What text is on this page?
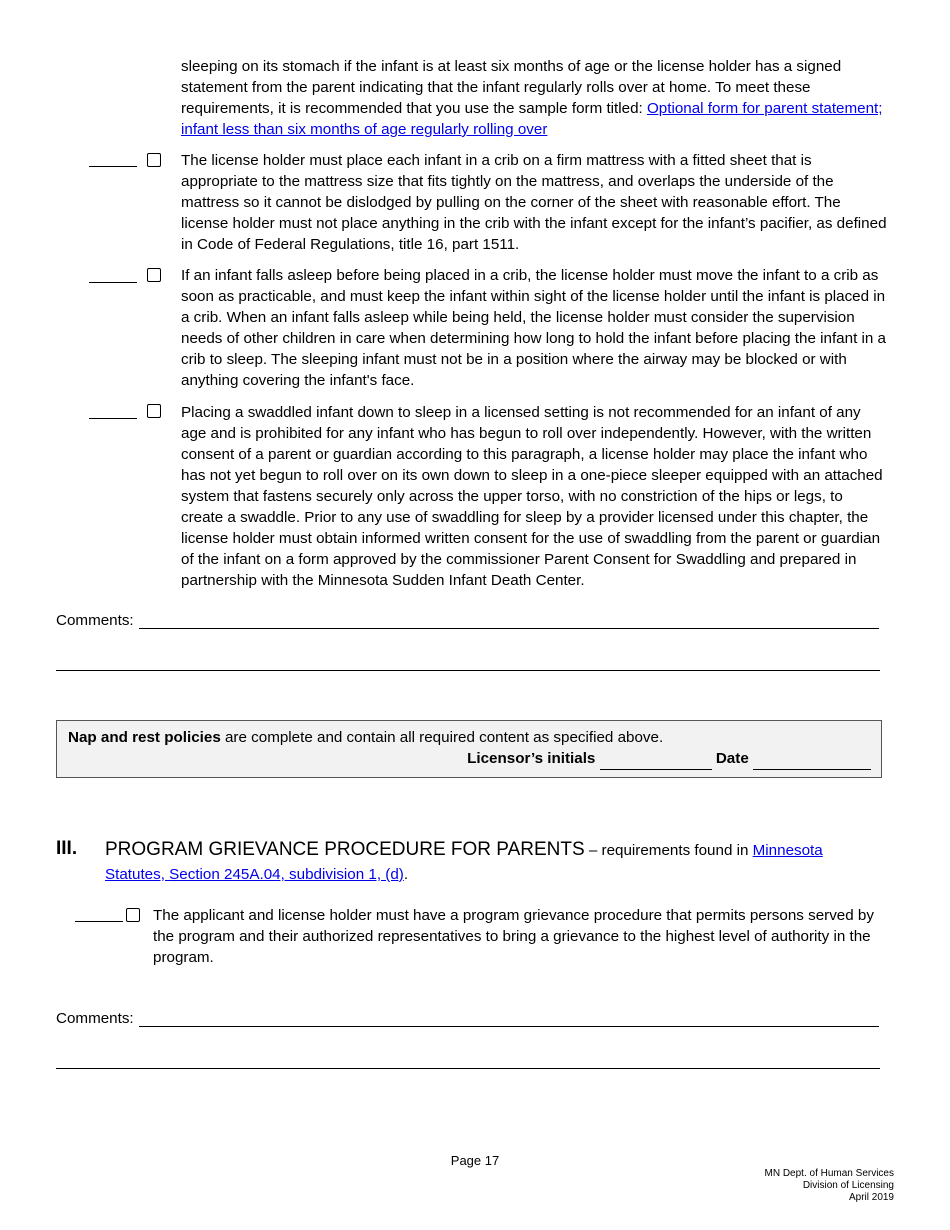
sleeping on its stomach if the infant is at least six months of age or the license holder has a signed statement from the parent indicating that the infant regularly rolls over at home. To meet these requirements, it is recommended that you use the sample form titled: Optional form for parent statement; infant less than six months of age regularly rolling over

The license holder must place each infant in a crib on a firm mattress with a fitted sheet that is appropriate to the mattress size that fits tightly on the mattress, and overlaps the underside of the mattress so it cannot be dislodged by pulling on the corner of the sheet with reasonable effort. The license holder must not place anything in the crib with the infant except for the infant’s pacifier, as defined in Code of Federal Regulations, title 16, part 1511.

If an infant falls asleep before being placed in a crib, the license holder must move the infant to a crib as soon as practicable, and must keep the infant within sight of the license holder until the infant is placed in a crib. When an infant falls asleep while being held, the license holder must consider the supervision needs of other children in care when determining how long to hold the infant before placing the infant in a crib to sleep. The sleeping infant must not be in a position where the airway may be blocked or with anything covering the infant's face.

Placing a swaddled infant down to sleep in a licensed setting is not recommended for an infant of any age and is prohibited for any infant who has begun to roll over independently. However, with the written consent of a parent or guardian according to this paragraph, a license holder may place the infant who has not yet begun to roll over on its own down to sleep in a one-piece sleeper equipped with an attached system that fastens securely only across the upper torso, with no constriction of the hips or legs, to create a swaddle. Prior to any use of swaddling for sleep by a provider licensed under this chapter, the license holder must obtain informed written consent for the use of swaddling from the parent or guardian of the infant on a form approved by the commissioner Parent Consent for Swaddling and prepared in partnership with the Minnesota Sudden Infant Death Center.

Comments:
Nap and rest policies are complete and contain all required content as specified above.
Licensor’s initials	Date
III. PROGRAM GRIEVANCE PROCEDURE FOR PARENTS – requirements found in Minnesota Statutes, Section 245A.04, subdivision 1, (d).

The applicant and license holder must have a program grievance procedure that permits persons served by the program and their authorized representatives to bring a grievance to the highest level of authority in the program.

Comments:
Page 17
MN Dept. of Human Services
Division of Licensing
April 2019
